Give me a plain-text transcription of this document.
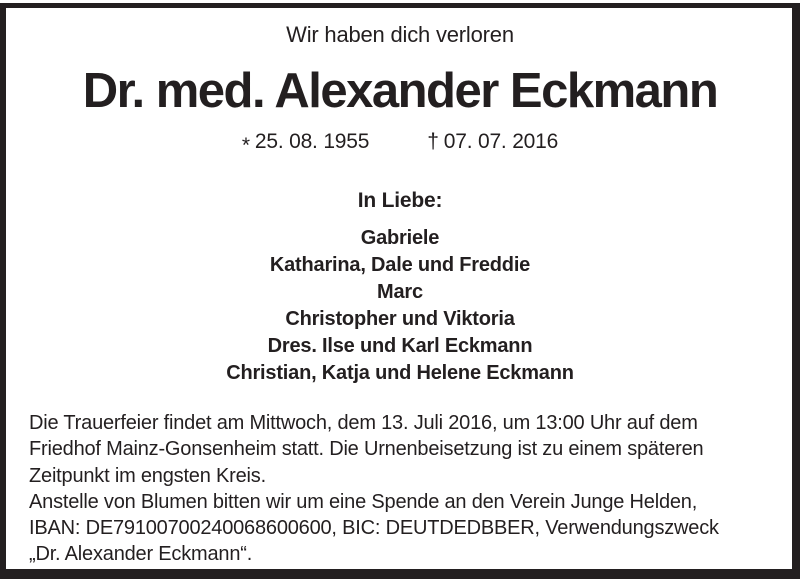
Wir haben dich verloren
Dr. med. Alexander Eckmann
* 25. 08. 1955	† 07. 07. 2016
In Liebe:
Gabriele
Katharina, Dale und Freddie
Marc
Christopher und Viktoria
Dres. Ilse und Karl Eckmann
Christian, Katja und Helene Eckmann
Die Trauerfeier findet am Mittwoch, dem 13. Juli 2016, um 13:00 Uhr auf dem
Friedhof Mainz-Gonsenheim statt. Die Urnenbeisetzung ist zu einem späteren
Zeitpunkt im engsten Kreis.
Anstelle von Blumen bitten wir um eine Spende an den Verein Junge Helden,
IBAN: DE79100700240068600600, BIC: DEUTDEDBBER, Verwendungszweck
„Dr. Alexander Eckmann“.
